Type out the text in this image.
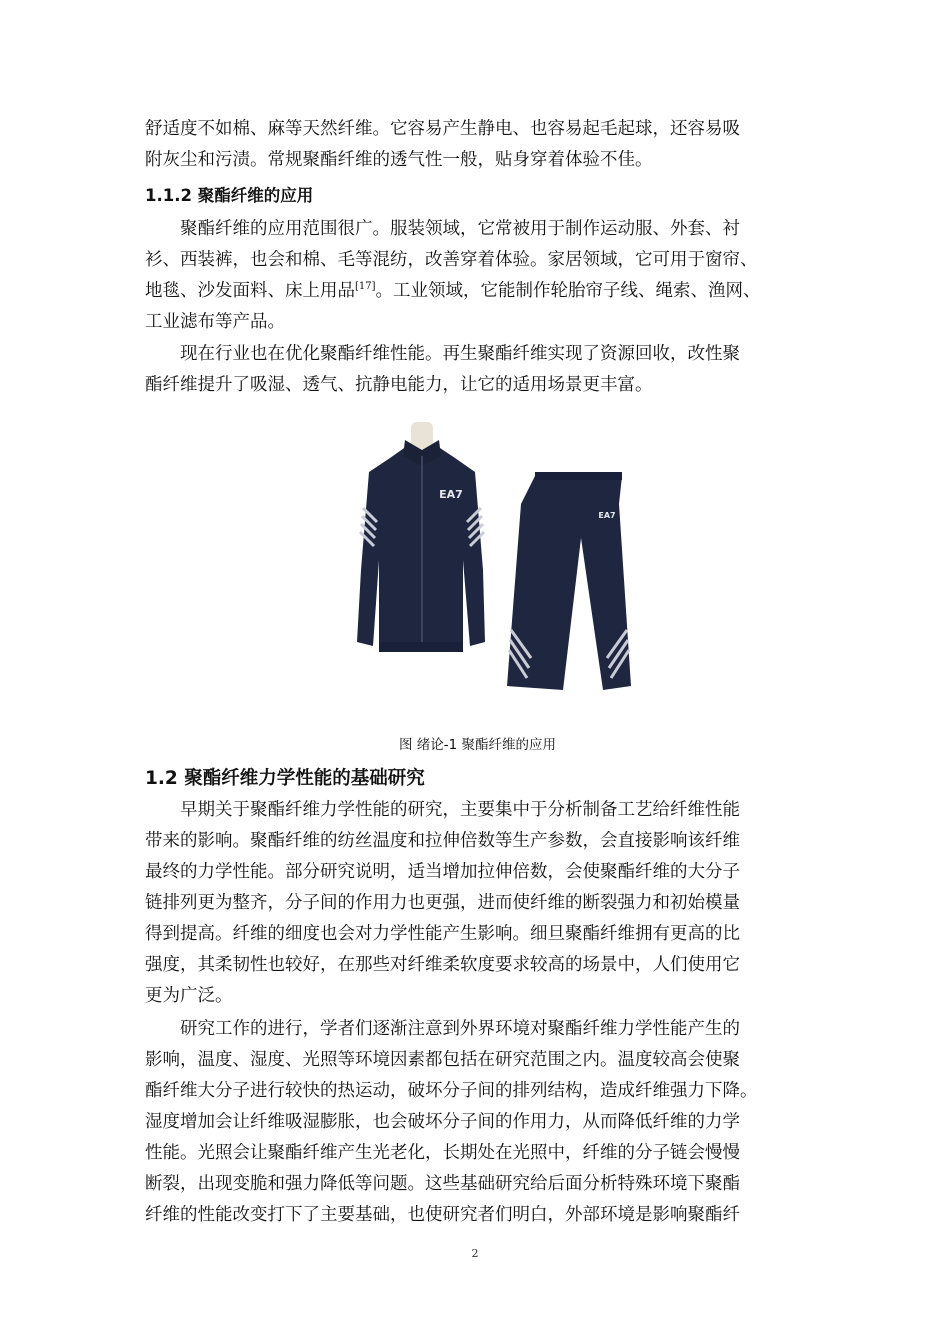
舒适度不如棉、麻等天然纤维。它容易产生静电、也容易起毛起球，还容易吸

附灰尘和污渍。常规聚酯纤维的透气性一般，贴身穿着体验不佳。

1.1.2 聚酯纤维的应用

聚酯纤维的应用范围很广。服装领域，它常被用于制作运动服、外套、衬

衫、西装裤，也会和棉、毛等混纺，改善穿着体验。家居领域，它可用于窗帘、

地毯、沙发面料、床上用品[17]。工业领域，它能制作轮胎帘子线、绳索、渔网、

工业滤布等产品。

现在行业也在优化聚酯纤维性能。再生聚酯纤维实现了资源回收，改性聚

酯纤维提升了吸湿、透气、抗静电能力，让它的适用场景更丰富。

EA7
EA7
图 绪论-1 聚酯纤维的应用

1.2 聚酯纤维力学性能的基础研究

早期关于聚酯纤维力学性能的研究，主要集中于分析制备工艺给纤维性能

带来的影响。聚酯纤维的纺丝温度和拉伸倍数等生产参数，会直接影响该纤维

最终的力学性能。部分研究说明，适当增加拉伸倍数，会使聚酯纤维的大分子

链排列更为整齐，分子间的作用力也更强，进而使纤维的断裂强力和初始模量

得到提高。纤维的细度也会对力学性能产生影响。细旦聚酯纤维拥有更高的比

强度，其柔韧性也较好，在那些对纤维柔软度要求较高的场景中，人们使用它

更为广泛。

研究工作的进行，学者们逐渐注意到外界环境对聚酯纤维力学性能产生的

影响，温度、湿度、光照等环境因素都包括在研究范围之内。温度较高会使聚

酯纤维大分子进行较快的热运动，破坏分子间的排列结构，造成纤维强力下降。

湿度增加会让纤维吸湿膨胀，也会破坏分子间的作用力，从而降低纤维的力学

性能。光照会让聚酯纤维产生光老化，长期处在光照中，纤维的分子链会慢慢

断裂，出现变脆和强力降低等问题。这些基础研究给后面分析特殊环境下聚酯

纤维的性能改变打下了主要基础，也使研究者们明白，外部环境是影响聚酯纤

2
